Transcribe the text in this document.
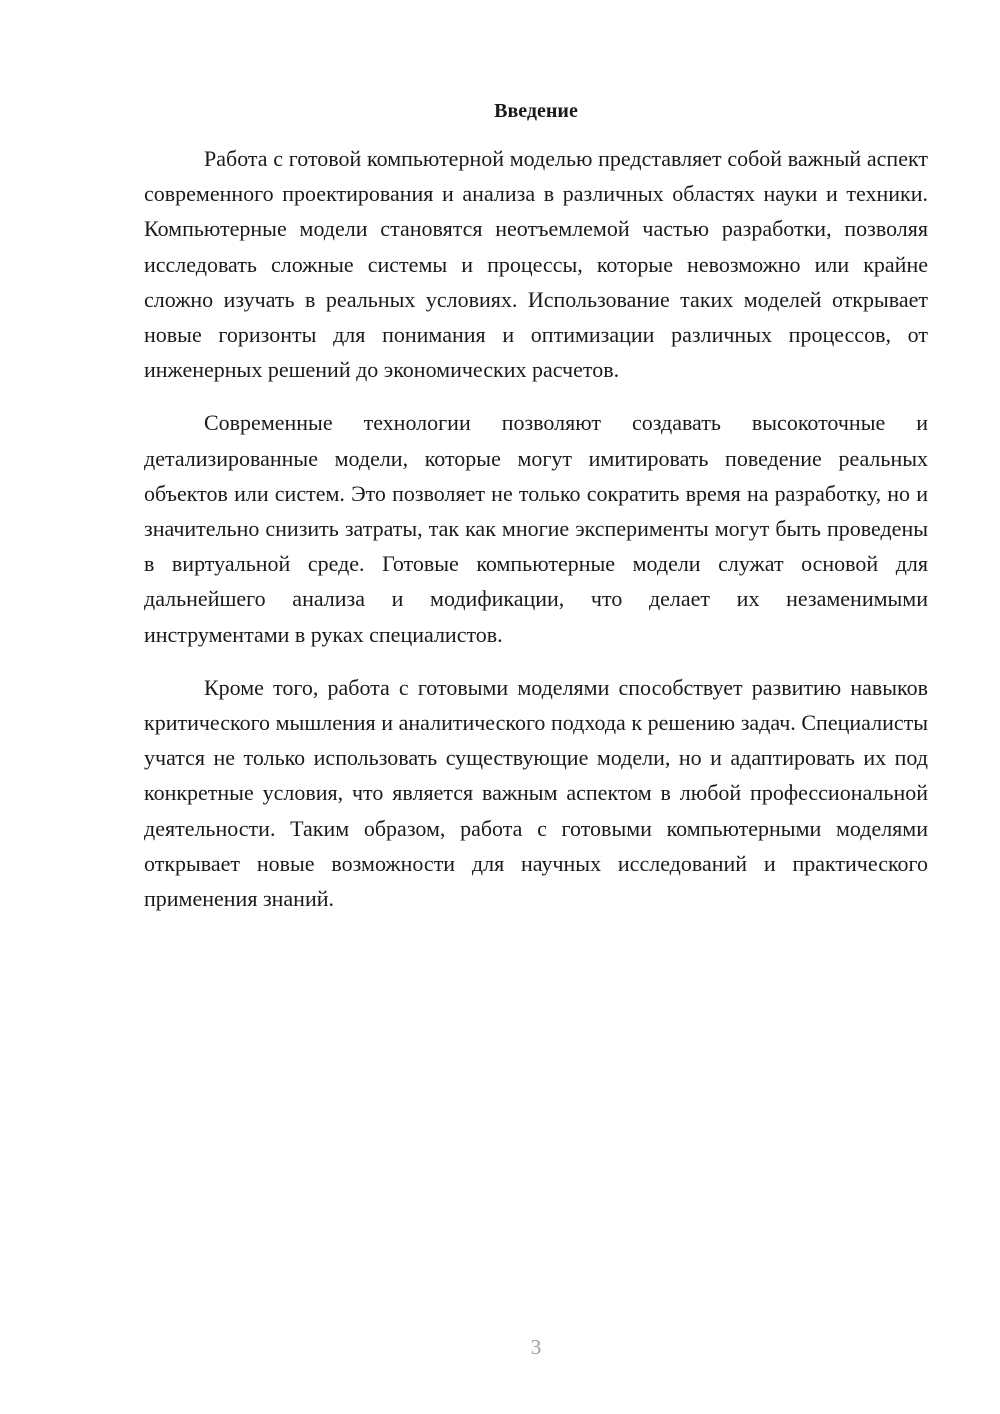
Введение

Работа с готовой компьютерной моделью представляет собой важный аспект современного проектирования и анализа в различных областях науки и техники. Компьютерные модели становятся неотъемлемой частью разработки, позволяя исследовать сложные системы и процессы, которые невозможно или крайне сложно изучать в реальных условиях. Использование таких моделей открывает новые горизонты для понимания и оптимизации различных процессов, от инженерных решений до экономических расчетов.

Современные технологии позволяют создавать высокоточные и детализированные модели, которые могут имитировать поведение реальных объектов или систем. Это позволяет не только сократить время на разработку, но и значительно снизить затраты, так как многие эксперименты могут быть проведены в виртуальной среде. Готовые компьютерные модели служат основой для дальнейшего анализа и модификации, что делает их незаменимыми инструментами в руках специалистов.

Кроме того, работа с готовыми моделями способствует развитию навыков критического мышления и аналитического подхода к решению задач. Специалисты учатся не только использовать существующие модели, но и адаптировать их под конкретные условия, что является важным аспектом в любой профессиональной деятельности. Таким образом, работа с готовыми компьютерными моделями открывает новые возможности для научных исследований и практического применения знаний.

3
